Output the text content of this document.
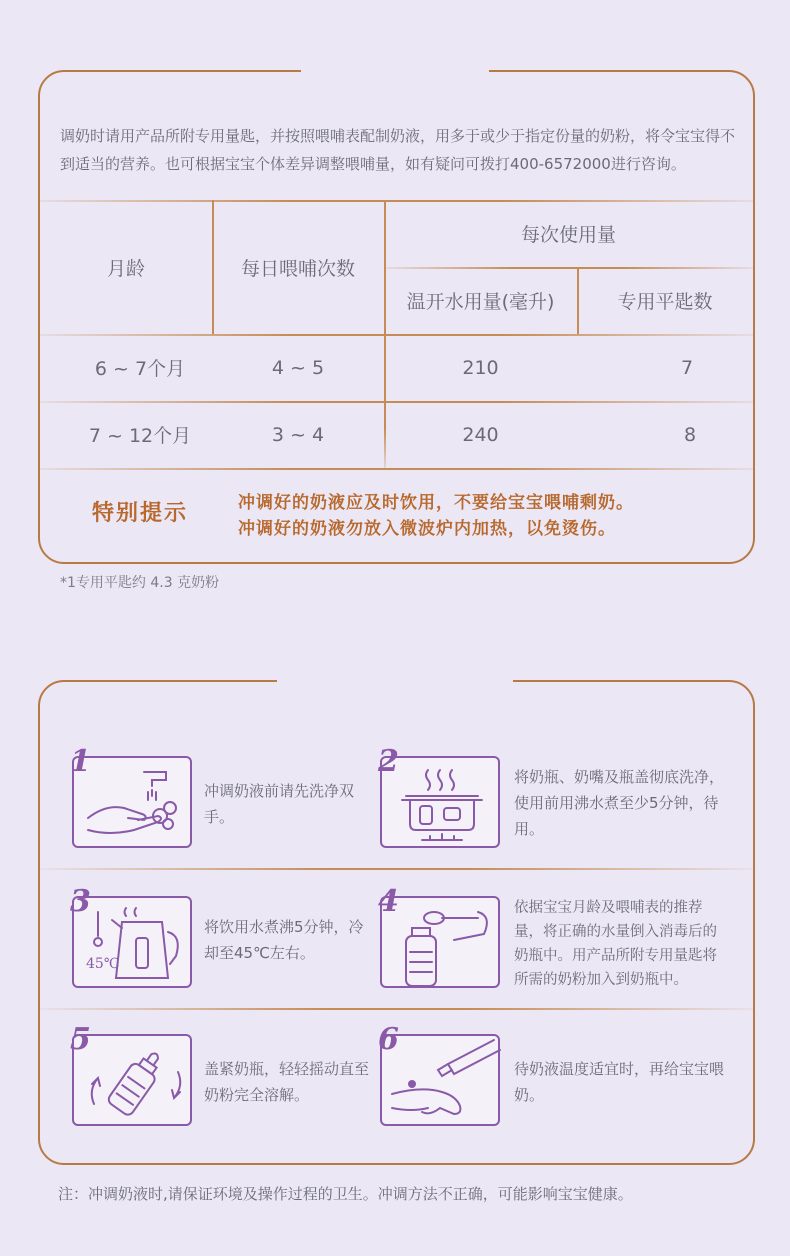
喂哺表

调奶时请用产品所附专用量匙，并按照喂哺表配制奶液，用多于或少于指定份量的奶粉，将令宝宝得不到适当的营养。也可根据宝宝个体差异调整喂哺量，如有疑问可拨打400-6572000进行咨询。

月龄	每日喂哺次数
每次使用量
温开水用量(毫升)	专用平匙数
6 ~ 7个月	4 ~ 5	210	7
7 ~ 12个月	3 ~ 4	240	8
特别提示	冲调好的奶液应及时饮用，不要给宝宝喂哺剩奶。
冲调好的奶液勿放入微波炉内加热，以免烫伤。
*1专用平匙约 4.3 克奶粉
冲调方法
1
冲调奶液前请先洗净双手。
2	将奶瓶、奶嘴及瓶盖彻底洗净，使用前用沸水煮至少5分钟，待用。
3
45℃
将饮用水煮沸5分钟，冷却至45℃左右。
4	依据宝宝月龄及喂哺表的推荐量，将正确的水量倒入消毒后的奶瓶中。用产品所附专用量匙将所需的奶粉加入到奶瓶中。
5
盖紧奶瓶，轻轻摇动直至奶粉完全溶解。
6
待奶液温度适宜时，再给宝宝喂奶。
注：冲调奶液时,请保证环境及操作过程的卫生。冲调方法不正确，可能影响宝宝健康。
